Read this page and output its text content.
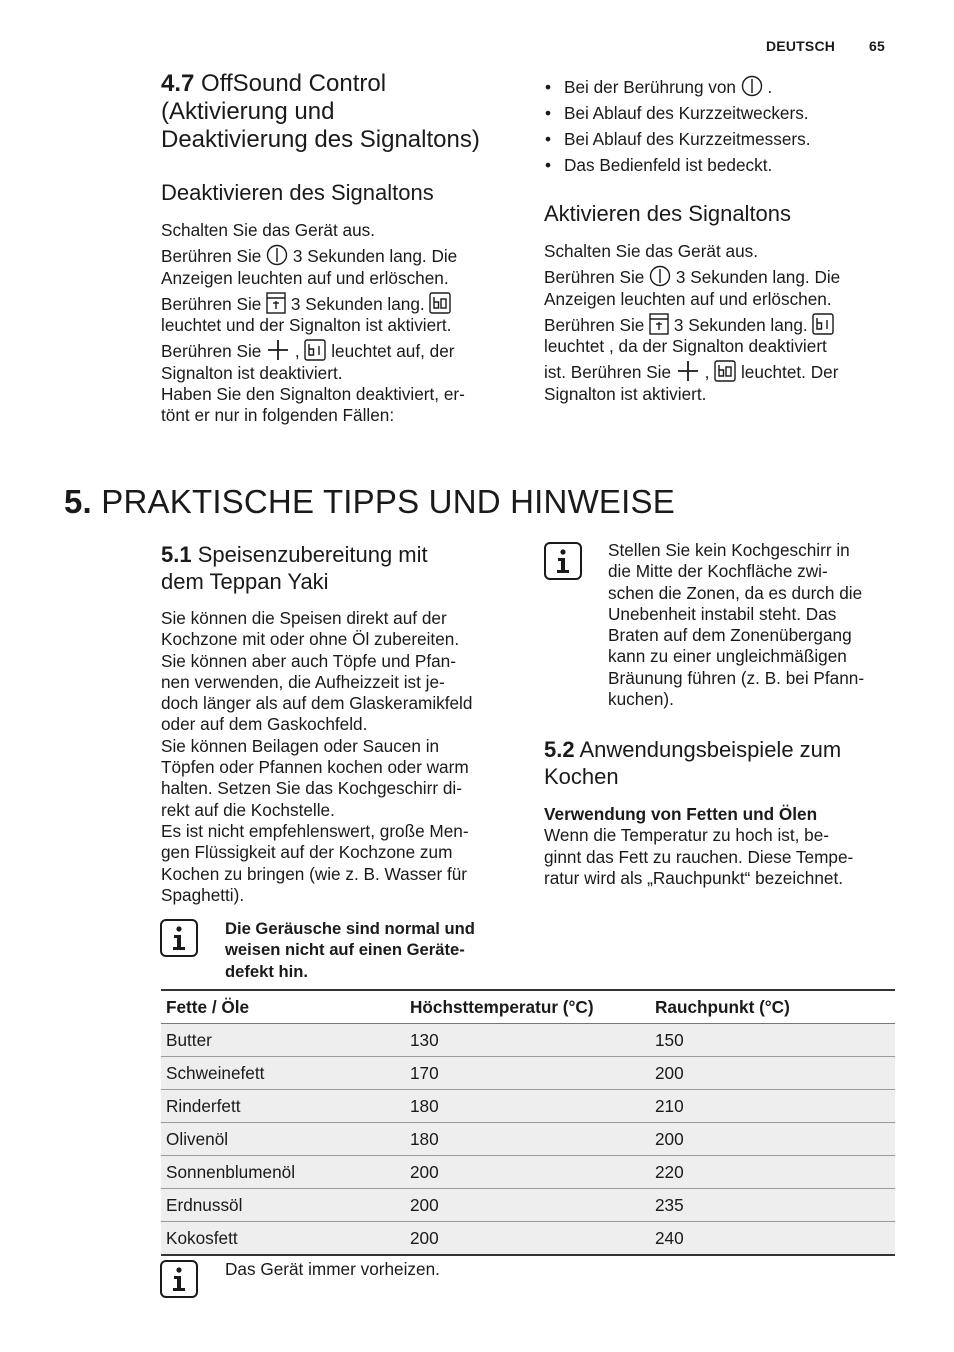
DEUTSCH 65
4.7 OffSound Control
(Aktivierung und
Deaktivierung des Signaltons)
Deaktivieren des Signaltons
Schalten Sie das Gerät aus.
Berühren Sie 3 Sekunden lang. Die
Anzeigen leuchten auf und erlöschen.
Berühren Sie 3 Sekunden lang.
leuchtet und der Signalton ist aktiviert.
Berühren Sie , leuchtet auf, der
Signalton ist deaktiviert.
Haben Sie den Signalton deaktiviert, er-
tönt er nur in folgenden Fällen:
• Bei der Berührung von .
• Bei Ablauf des Kurzzeitweckers.
• Bei Ablauf des Kurzzeitmessers.
• Das Bedienfeld ist bedeckt.
Aktivieren des Signaltons
Schalten Sie das Gerät aus.
Berühren Sie 3 Sekunden lang. Die
Anzeigen leuchten auf und erlöschen.
Berühren Sie 3 Sekunden lang.
leuchtet , da der Signalton deaktiviert
ist. Berühren Sie , leuchtet. Der
Signalton ist aktiviert.
5. PRAKTISCHE TIPPS UND HINWEISE
5.1 Speisenzubereitung mit
dem Teppan Yaki
Sie können die Speisen direkt auf der
Kochzone mit oder ohne Öl zubereiten.
Sie können aber auch Töpfe und Pfan-
nen verwenden, die Aufheizzeit ist je-
doch länger als auf dem Glaskeramikfeld
oder auf dem Gaskochfeld.
Sie können Beilagen oder Saucen in
Töpfen oder Pfannen kochen oder warm
halten. Setzen Sie das Kochgeschirr di-
rekt auf die Kochstelle.
Es ist nicht empfehlenswert, große Men-
gen Flüssigkeit auf der Kochzone zum
Kochen zu bringen (wie z. B. Wasser für
Spaghetti).
Die Geräusche sind normal und
weisen nicht auf einen Geräte-
defekt hin.
Stellen Sie kein Kochgeschirr in
die Mitte der Kochfläche zwi-
schen die Zonen, da es durch die
Unebenheit instabil steht. Das
Braten auf dem Zonenübergang
kann zu einer ungleichmäßigen
Bräunung führen (z. B. bei Pfann-
kuchen).
5.2 Anwendungsbeispiele zum
Kochen
Verwendung von Fetten und Ölen
Wenn die Temperatur zu hoch ist, be-
ginnt das Fett zu rauchen. Diese Tempe-
ratur wird als „Rauchpunkt“ bezeichnet.
Fette / Öle	Höchsttemperatur (°C)	Rauchpunkt (°C)
Butter	130	150
Schweinefett	170	200
Rinderfett	180	210
Olivenöl	180	200
Sonnenblumenöl	200	220
Erdnussöl	200	235
Kokosfett	200	240
Das Gerät immer vorheizen.
